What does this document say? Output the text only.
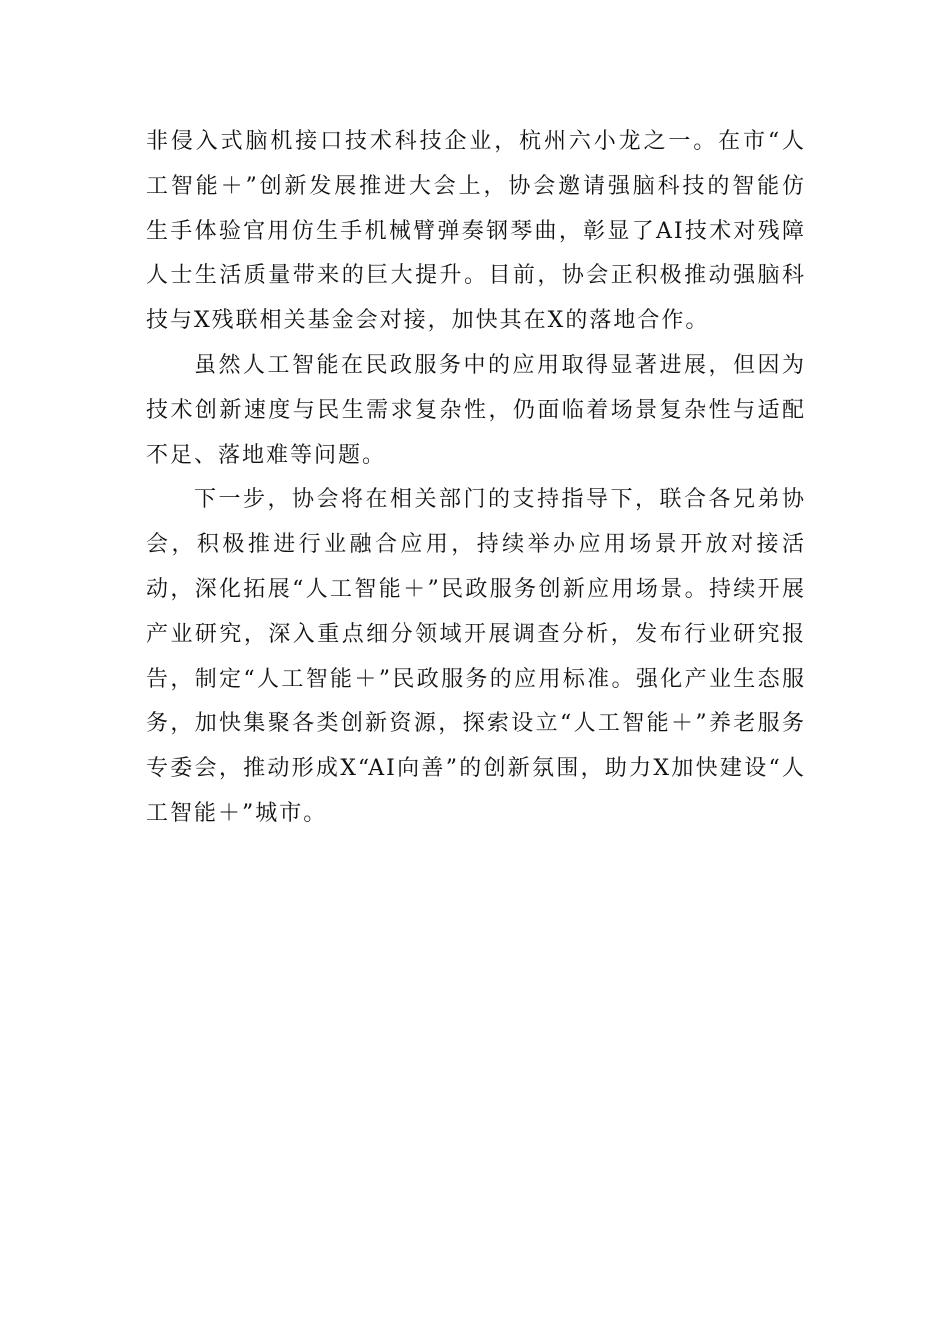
非侵入式脑机接口技术科技企业，杭州六小龙之一。在市“人工智能＋”创新发展推进大会上，协会邀请强脑科技的智能仿生手体验官用仿生手机械臂弹奏钢琴曲，彰显了AI技术对残障人士生活质量带来的巨大提升。目前，协会正积极推动强脑科技与X残联相关基金会对接，加快其在X的落地合作。

虽然人工智能在民政服务中的应用取得显著进展，但因为技术创新速度与民生需求复杂性，仍面临着场景复杂性与适配不足、落地难等问题。

下一步，协会将在相关部门的支持指导下，联合各兄弟协会，积极推进行业融合应用，持续举办应用场景开放对接活动，深化拓展“人工智能＋”民政服务创新应用场景。持续开展产业研究，深入重点细分领域开展调查分析，发布行业研究报告，制定“人工智能＋”民政服务的应用标准。强化产业生态服务，加快集聚各类创新资源，探索设立“人工智能＋”养老服务专委会，推动形成X“AI向善”的创新氛围，助力X加快建设“人工智能＋”城市。
